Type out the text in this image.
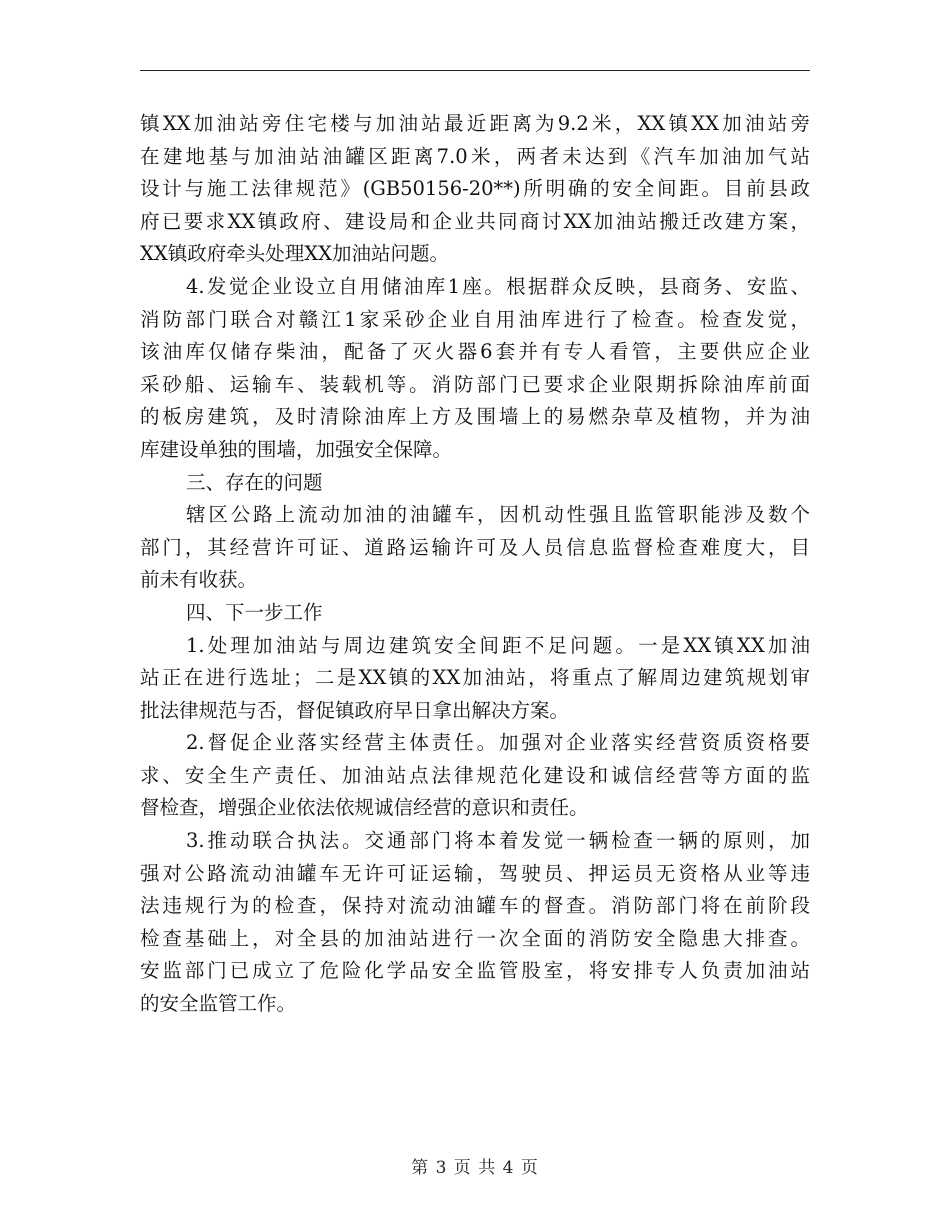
镇XX加油站旁住宅楼与加油站最近距离为9.2米，XX镇XX加油站旁
在建地基与加油站油罐区距离7.0米，两者未达到《汽车加油加气站
设计与施工法律规范》(GB50156-20**)所明确的安全间距。目前县政
府已要求XX镇政府、建设局和企业共同商讨XX加油站搬迁改建方案，
XX镇政府牵头处理XX加油站问题。
4.发觉企业设立自用储油库1座。根据群众反映，县商务、安监、
消防部门联合对赣江1家采砂企业自用油库进行了检查。检查发觉，
该油库仅储存柴油，配备了灭火器6套并有专人看管，主要供应企业
采砂船、运输车、装载机等。消防部门已要求企业限期拆除油库前面
的板房建筑，及时清除油库上方及围墙上的易燃杂草及植物，并为油
库建设单独的围墙，加强安全保障。
三、存在的问题
辖区公路上流动加油的油罐车，因机动性强且监管职能涉及数个
部门，其经营许可证、道路运输许可及人员信息监督检查难度大，目
前未有收获。
四、下一步工作
1.处理加油站与周边建筑安全间距不足问题。一是XX镇XX加油
站正在进行选址；二是XX镇的XX加油站，将重点了解周边建筑规划审
批法律规范与否，督促镇政府早日拿出解决方案。
2.督促企业落实经营主体责任。加强对企业落实经营资质资格要
求、安全生产责任、加油站点法律规范化建设和诚信经营等方面的监
督检查，增强企业依法依规诚信经营的意识和责任。
3.推动联合执法。交通部门将本着发觉一辆检查一辆的原则，加
强对公路流动油罐车无许可证运输，驾驶员、押运员无资格从业等违
法违规行为的检查，保持对流动油罐车的督查。消防部门将在前阶段
检查基础上，对全县的加油站进行一次全面的消防安全隐患大排查。
安监部门已成立了危险化学品安全监管股室，将安排专人负责加油站
的安全监管工作。
第 3 页 共 4 页
